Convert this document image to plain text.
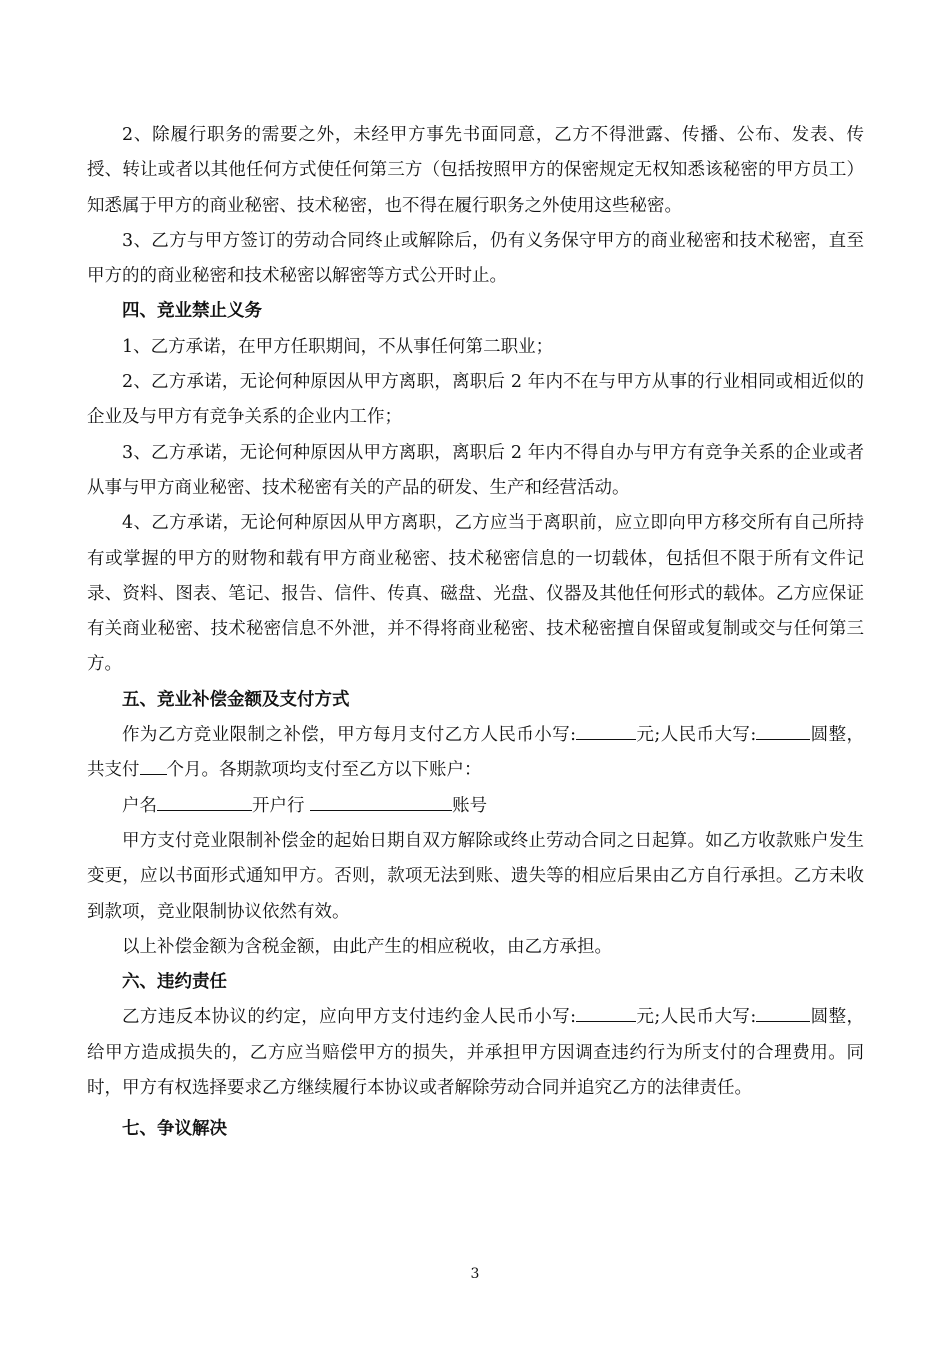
2、除履行职务的需要之外，未经甲方事先书面同意，乙方不得泄露、传播、公布、发表、传授、转让或者以其他任何方式使任何第三方（包括按照甲方的保密规定无权知悉该秘密的甲方员工）知悉属于甲方的商业秘密、技术秘密，也不得在履行职务之外使用这些秘密。

3、乙方与甲方签订的劳动合同终止或解除后，仍有义务保守甲方的商业秘密和技术秘密，直至甲方的的商业秘密和技术秘密以解密等方式公开时止。

四、竞业禁止义务

1、乙方承诺，在甲方任职期间，不从事任何第二职业；

2、乙方承诺，无论何种原因从甲方离职，离职后 2 年内不在与甲方从事的行业相同或相近似的企业及与甲方有竞争关系的企业内工作；

3、乙方承诺，无论何种原因从甲方离职，离职后 2 年内不得自办与甲方有竞争关系的企业或者从事与甲方商业秘密、技术秘密有关的产品的研发、生产和经营活动。

4、乙方承诺，无论何种原因从甲方离职，乙方应当于离职前，应立即向甲方移交所有自己所持有或掌握的甲方的财物和载有甲方商业秘密、技术秘密信息的一切载体，包括但不限于所有文件记录、资料、图表、笔记、报告、信件、传真、磁盘、光盘、仪器及其他任何形式的载体。乙方应保证有关商业秘密、技术秘密信息不外泄，并不得将商业秘密、技术秘密擅自保留或复制或交与任何第三方。

五、竞业补偿金额及支付方式

作为乙方竞业限制之补偿，甲方每月支付乙方人民币小写:	元;人民币大写:	圆整，共支付 个月。各期款项均支付至乙方以下账户：

户名	开户行	账号

甲方支付竞业限制补偿金的起始日期自双方解除或终止劳动合同之日起算。如乙方收款账户发生变更，应以书面形式通知甲方。否则，款项无法到账、遗失等的相应后果由乙方自行承担。乙方未收到款项，竞业限制协议依然有效。

以上补偿金额为含税金额，由此产生的相应税收，由乙方承担。

六、违约责任

乙方违反本协议的约定，应向甲方支付违约金人民币小写:	元;人民币大写:	圆整，给甲方造成损失的，乙方应当赔偿甲方的损失，并承担甲方因调查违约行为所支付的合理费用。同时，甲方有权选择要求乙方继续履行本协议或者解除劳动合同并追究乙方的法律责任。

七、争议解决

3
